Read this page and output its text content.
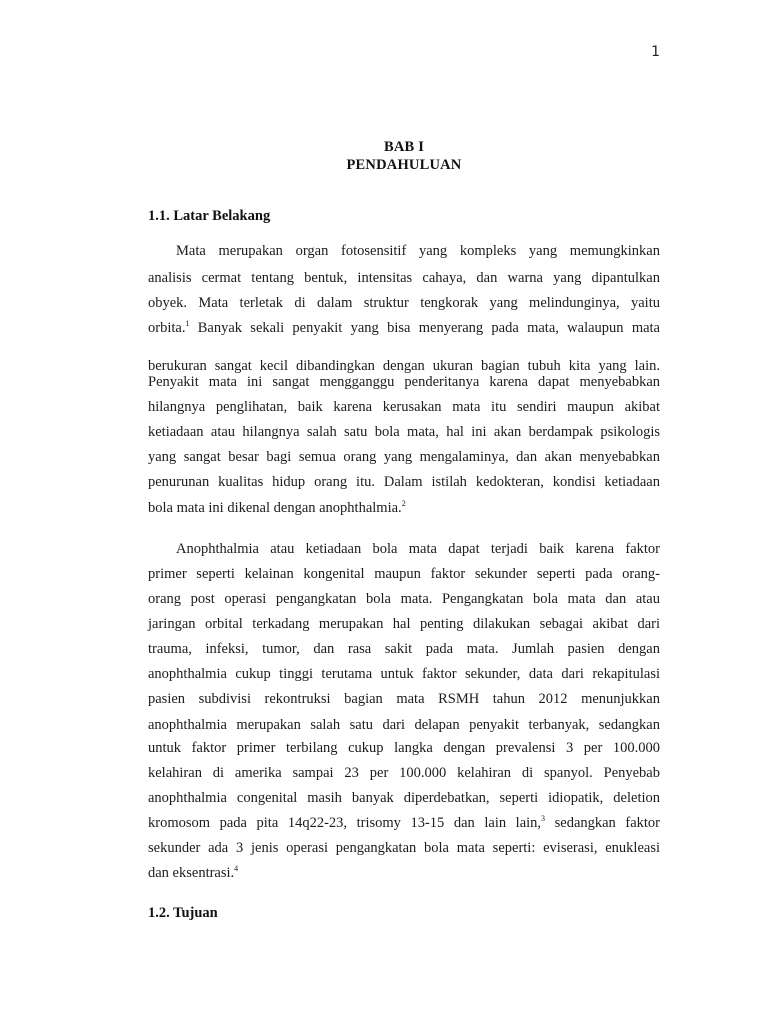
1
BAB I
PENDAHULUAN
1.1. Latar Belakang
Mata merupakan organ fotosensitif yang kompleks yang memungkinkan
analisis cermat tentang bentuk, intensitas cahaya, dan warna yang dipantulkan
obyek. Mata terletak di dalam struktur tengkorak yang melindunginya, yaitu
orbita.$^1$ Banyak sekali penyakit yang bisa menyerang pada mata, walaupun mata
berukuran sangat kecil dibandingkan dengan ukuran bagian tubuh kita yang lain.
Penyakit mata ini sangat mengganggu penderitanya karena dapat menyebabkan
hilangnya penglihatan, baik karena kerusakan mata itu sendiri maupun akibat
ketiadaan atau hilangnya salah satu bola mata, hal ini akan berdampak psikologis
yang sangat besar bagi semua orang yang mengalaminya, dan akan menyebabkan
penurunan kualitas hidup orang itu. Dalam istilah kedokteran, kondisi ketiadaan
bola mata ini dikenal dengan anophthalmia.$^2$
Anophthalmia atau ketiadaan bola mata dapat terjadi baik karena faktor
primer seperti kelainan kongenital maupun faktor sekunder seperti pada orang-
orang post operasi pengangkatan bola mata. Pengangkatan bola mata dan atau
jaringan orbital terkadang merupakan hal penting dilakukan sebagai akibat dari
trauma, infeksi, tumor, dan rasa sakit pada mata. Jumlah pasien dengan
anophthalmia cukup tinggi terutama untuk faktor sekunder, data dari rekapitulasi
pasien subdivisi rekontruksi bagian mata RSMH tahun 2012 menunjukkan
anophthalmia merupakan salah satu dari delapan penyakit terbanyak, sedangkan
untuk faktor primer terbilang cukup langka dengan prevalensi 3 per 100.000
kelahiran di amerika sampai 23 per 100.000 kelahiran di spanyol. Penyebab
anophthalmia congenital masih banyak diperdebatkan, seperti idiopatik, deletion
kromosom pada pita 14q22-23, trisomy 13-15 dan lain lain,$^3$ sedangkan faktor
sekunder ada 3 jenis operasi pengangkatan bola mata seperti: eviserasi, enukleasi
dan eksentrasi.$^4$
1.2. Tujuan
